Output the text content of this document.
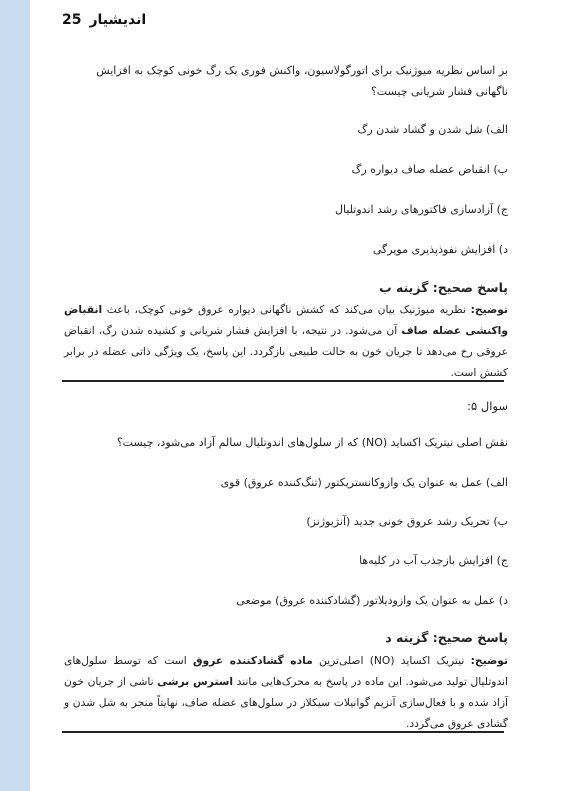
25 اندیشیار
بر اساس نظریه میوژنیک برای اتورگولاسیون، واکنش فوری یک رگ خونی کوچک به افزایش ناگهانی فشار شریانی چیست؟
الف) شل شدن و گشاد شدن رگ
ب) انقباض عضله صاف دیواره رگ
ج) آزادسازی فاکتورهای رشد اندوتلیال
د) افزایش نفوذپذیری مویرگی
پاسخ صحیح: گزینه ب
توضیح: نظریه میوژنیک بیان می‌کند که کشش ناگهانی دیواره عروق خونی کوچک، باعث انقباض واکنشی عضله صاف آن می‌شود. در نتیجه، با افزایش فشار شریانی و کشیده شدن رگ، انقباض عروقی رخ می‌دهد تا جریان خون به حالت طبیعی بازگردد. این پاسخ، یک ویژگی ذاتی عضله در برابر کشش است.
سوال ۵:
نقش اصلی نیتریک اکساید (NO) که از سلول‌های اندوتلیال سالم آزاد می‌شود، چیست؟
الف) عمل به عنوان یک وازوکانستریکتور (تنگ‌کننده عروق) قوی
ب) تحریک رشد عروق خونی جدید (آنژیوژنز)
ج) افزایش بازجذب آب در کلیه‌ها
د) عمل به عنوان یک وازودیلاتور (گشادکننده عروق) موضعی
پاسخ صحیح: گزینه د
توضیح: نیتریک اکساید (NO) اصلی‌ترین ماده گشادکننده عروق است که توسط سلول‌های اندوتلیال تولید می‌شود. این ماده در پاسخ به محرک‌هایی مانند استرس برشی ناشی از جریان خون آزاد شده و با فعال‌سازی آنزیم گوانیلات سیکلاز در سلول‌های عضله صاف، نهایتاً منجر به شل شدن و گشادی عروق می‌گردد.
